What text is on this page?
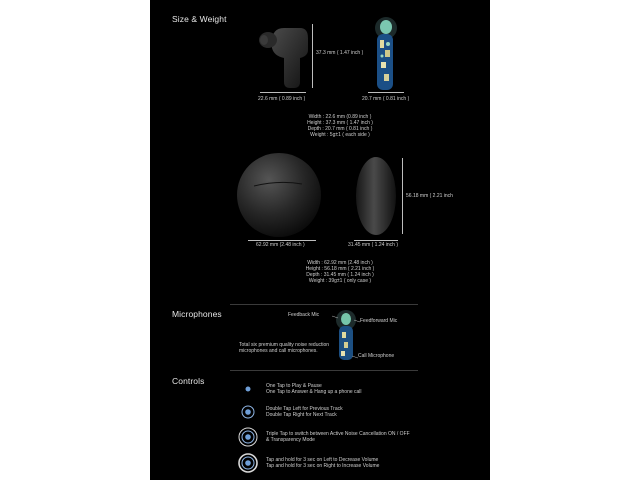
Size & Weight
37.3 mm ( 1.47 inch )
22.6 mm ( 0.89 inch )	20.7 mm ( 0.81 inch )
Width : 22.6 mm (0.89 inch )
Height : 37.3 mm ( 1.47 inch )
Depth : 20.7 mm ( 0.81 inch )
Weight : 5g±1 ( each side )
62.92 mm (2.48 inch )	31.45 mm ( 1.24 inch )
56.18 mm ( 2.21 inch
Width : 62.92 mm (2.48 inch )
Height : 56.18 mm ( 2.21 inch )
Depth : 31.45 mm ( 1.24 inch )
Weight : 39g±1 ( only case )
Microphones	Feedback Mic
Feedforward Mic
Call Microphone
Total six premium quality noise reduction
microphones and call microphones.
Controls	One Tap to Play & Pause
One Tap to Answer & Hang up a phone call
Double Tap Left for Previous Track
Double Tap Right for Next Track
Triple Tap to switch between Active Noise Cancellation ON / OFF
& Transparency Mode
Tap and hold for 3 sec on Left to Decrease Volume
Tap and hold for 3 sec on Right to Increase Volume
